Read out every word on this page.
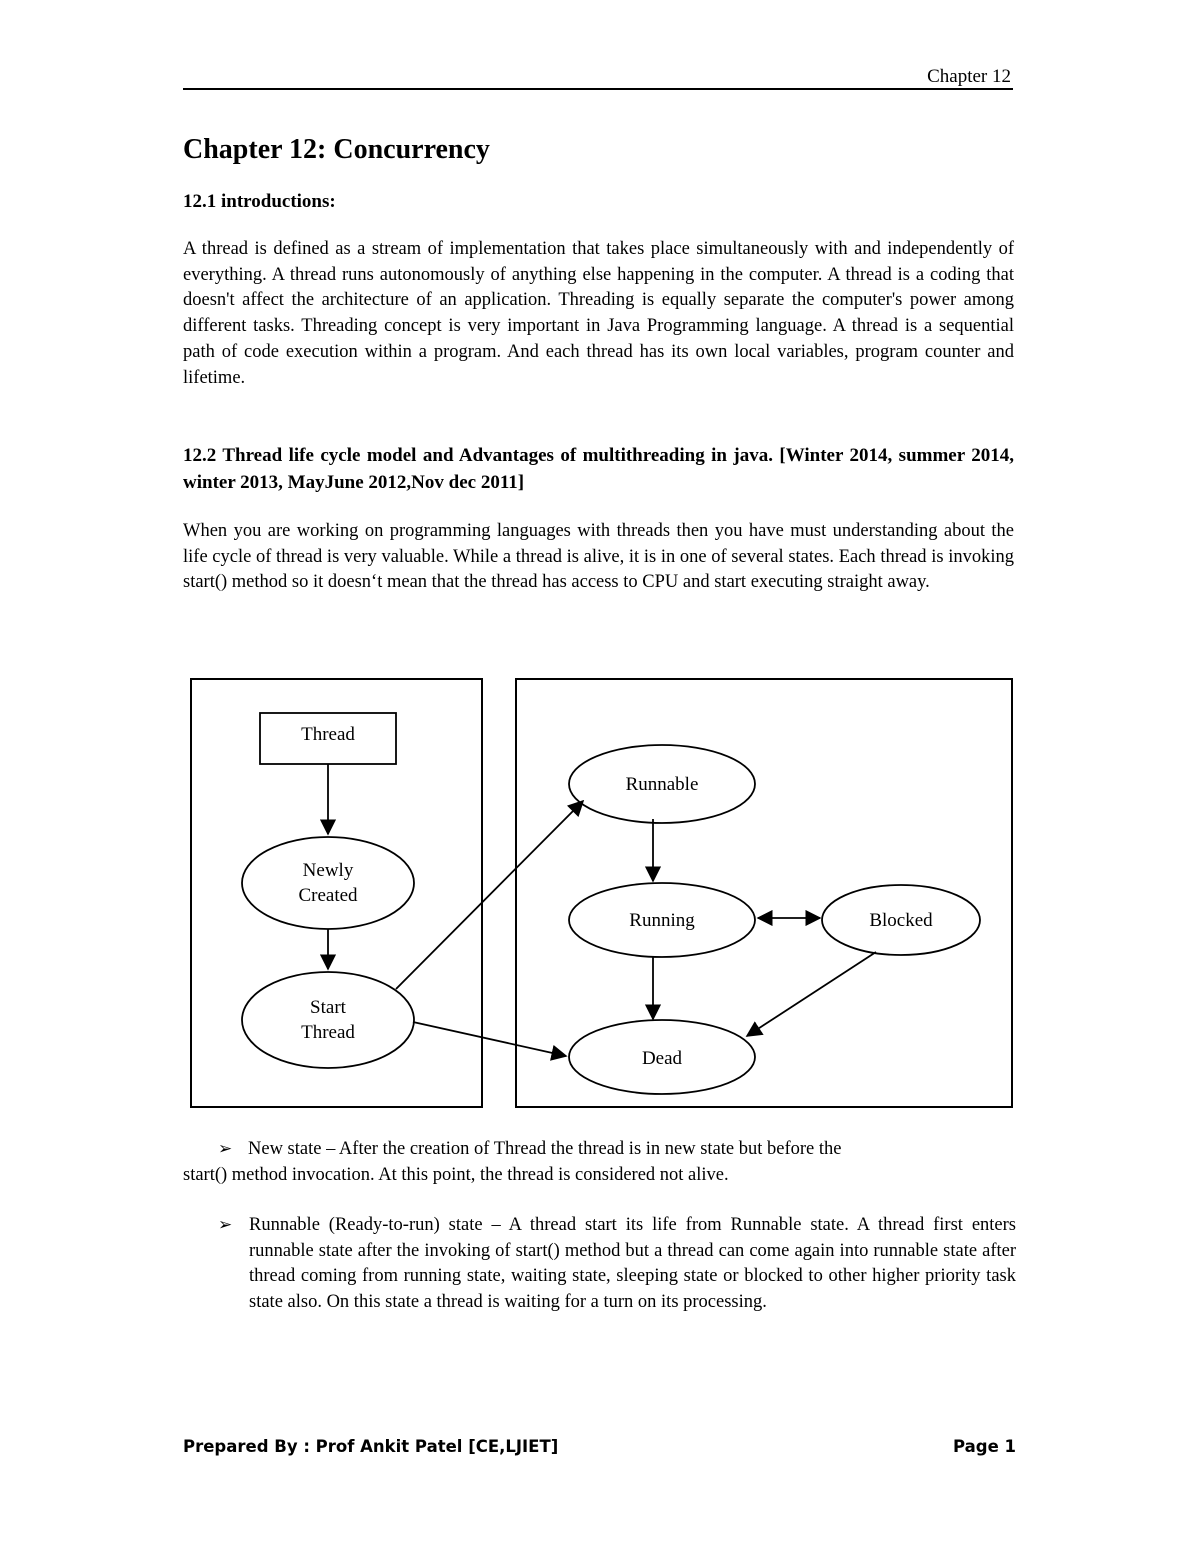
Chapter 12
Chapter 12: Concurrency
12.1 introductions:

A thread is defined as a stream of implementation that takes place simultaneously with and independently of everything. A thread runs autonomously of anything else happening in the computer. A thread is a coding that doesn't affect the architecture of an application. Threading is equally separate the computer's power among different tasks. Threading concept is very important in Java Programming language. A thread is a sequential path of code execution within a program. And each thread has its own local variables, program counter and lifetime.

12.2 Thread life cycle model and Advantages of multithreading in java. [Winter 2014, summer 2014, winter 2013, MayJune 2012,Nov dec 2011]

When you are working on programming languages with threads then you have must understanding about the life cycle of thread is very valuable. While a thread is alive, it is in one of several states. Each thread is invoking start() method so it doesn‘t mean that the thread has access to CPU and start executing straight away.

Thread
Newly
Created
Start
Thread
Runnable
Running	Blocked
Dead
➢ New state – After the creation of Thread the thread is in new state but before the
start() method invocation. At this point, the thread is considered not alive.
➢ Runnable (Ready-to-run) state – A thread start its life from Runnable state. A thread first enters runnable state after the invoking of start() method but a thread can come again into runnable state after thread coming from running state, waiting state, sleeping state or blocked to other higher priority task state also. On this state a thread is waiting for a turn on its processing.
Prepared By : Prof Ankit Patel [CE,LJIET]	Page 1
